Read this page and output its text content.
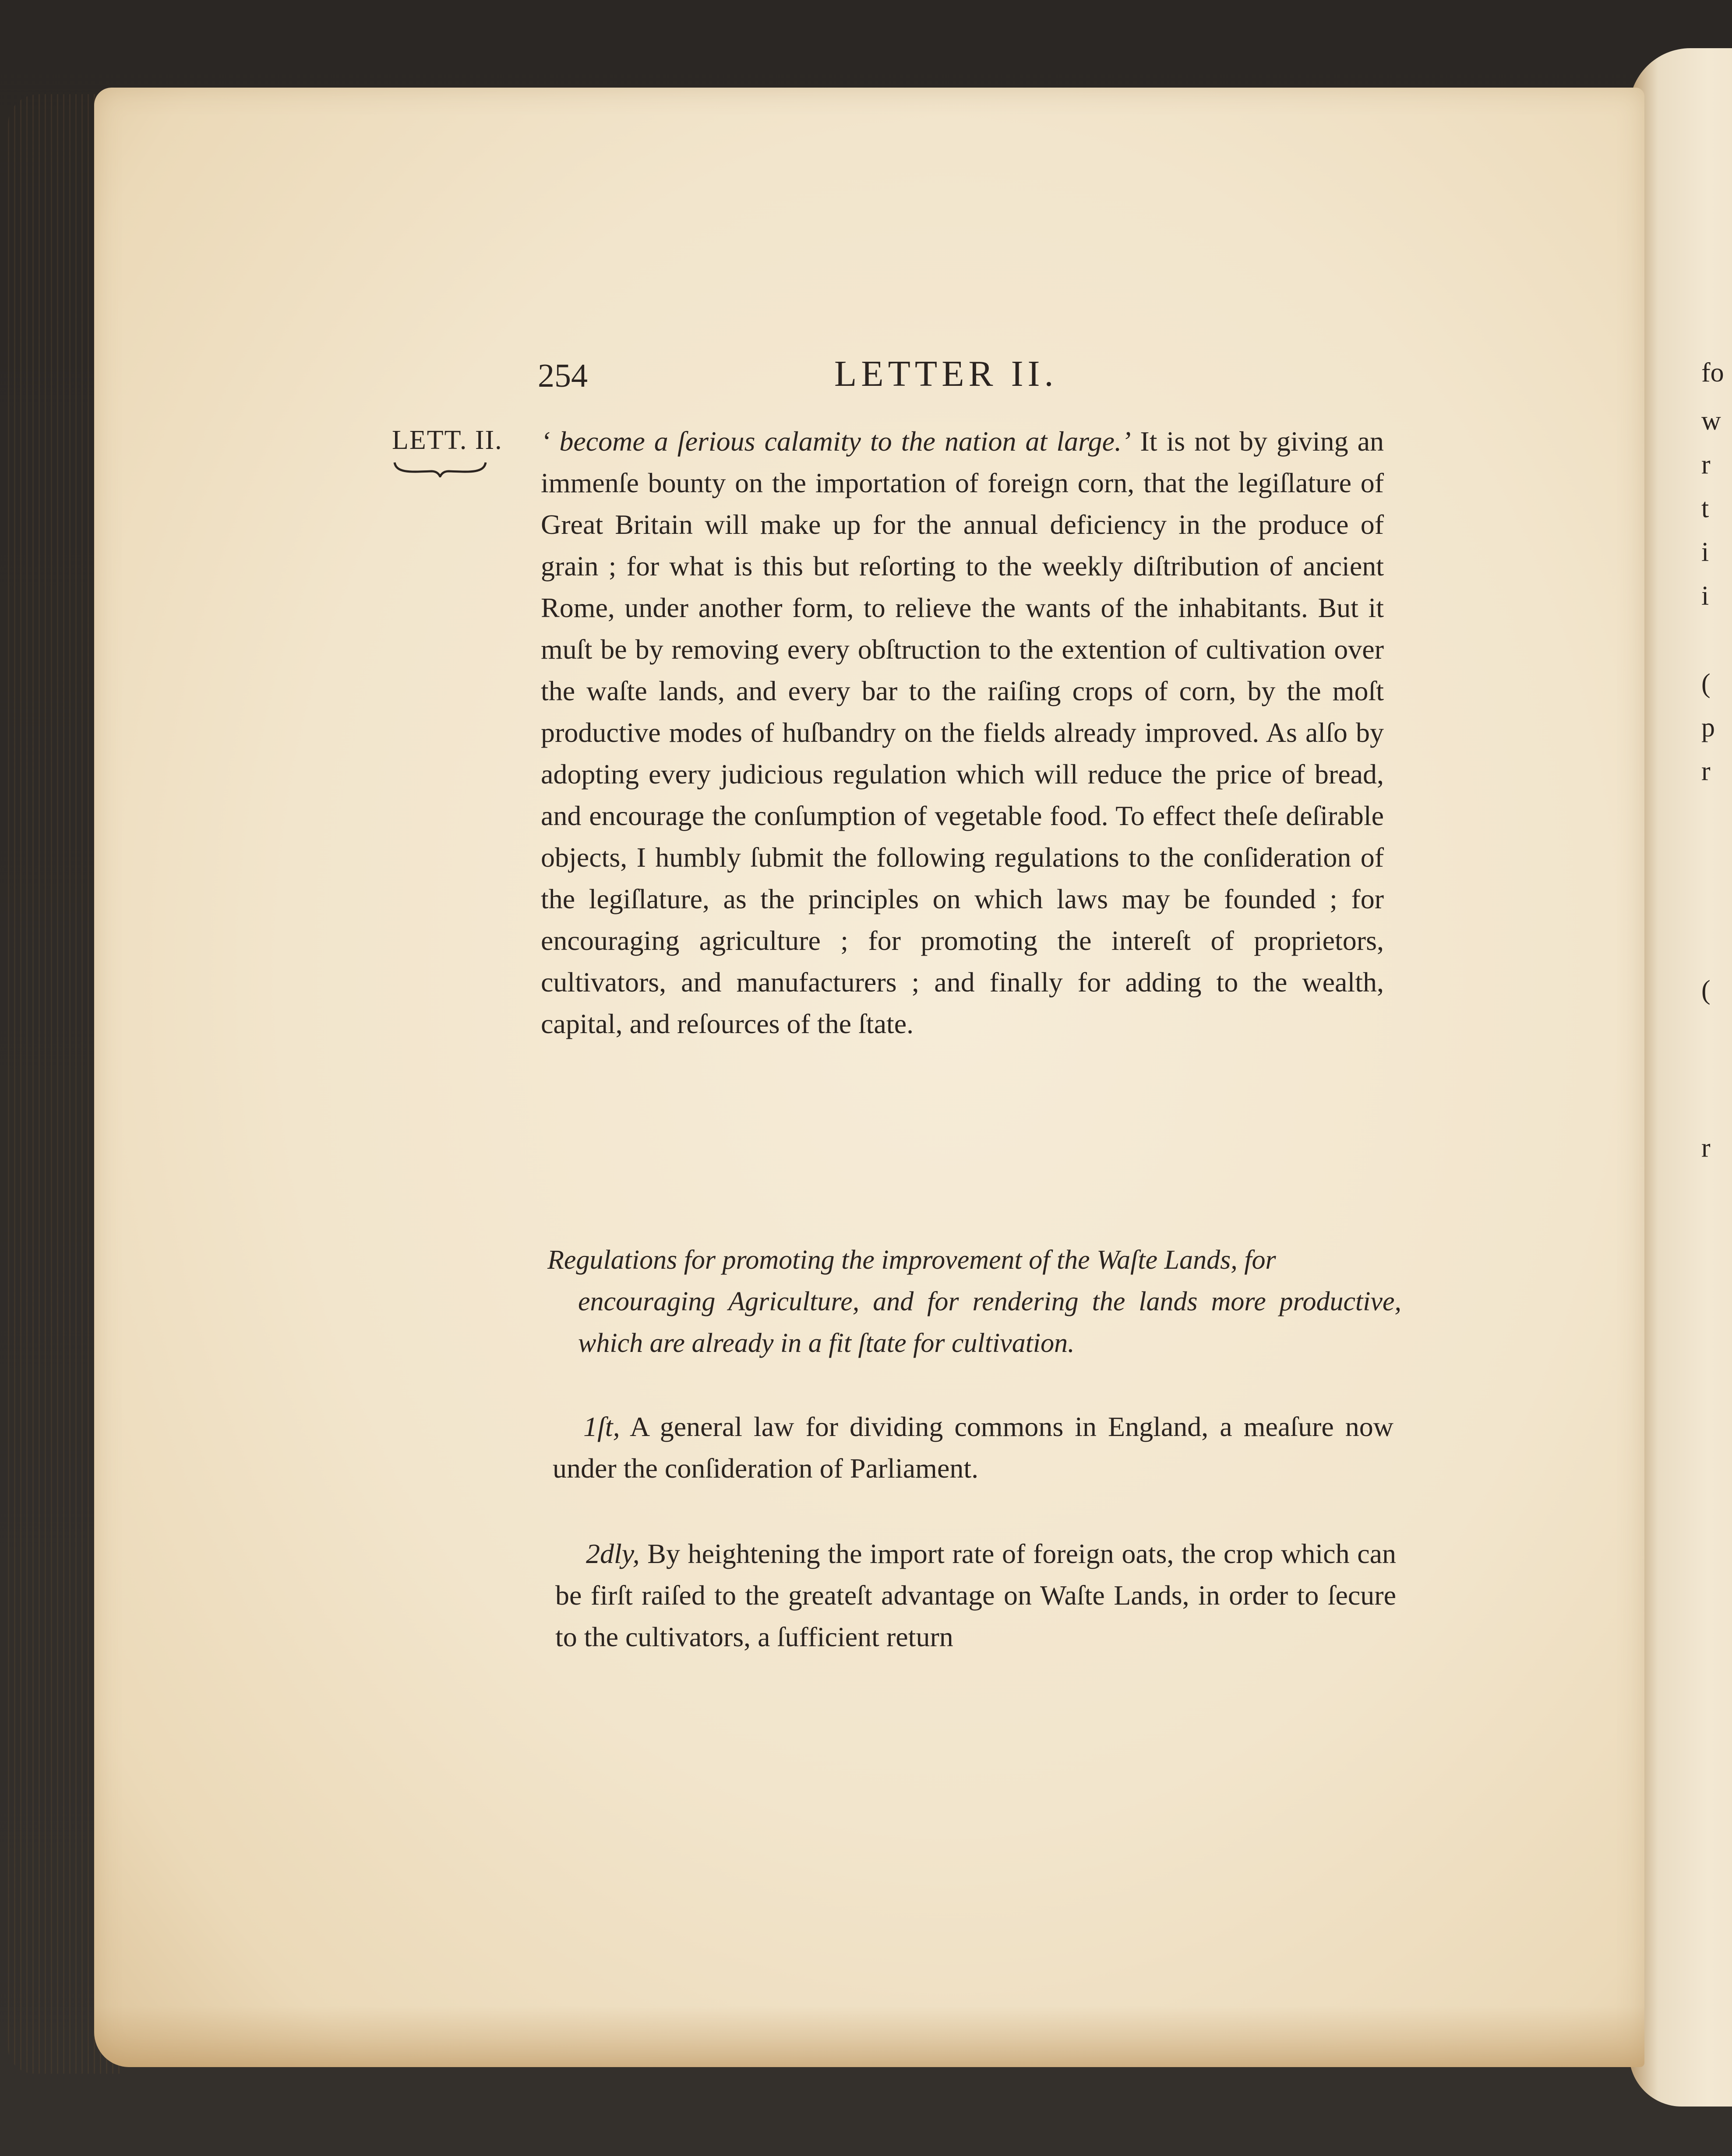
fo
w
r
t
i
i
(
p
r
(
r
254	LETTER II.
LETT. II. ‘ become a ſerious calamity to the nation at large.’ It is not by giving an immenſe bounty on the importation of foreign corn, that the legiſlature of Great Britain will make up for the annual deficiency in the produce of grain ; for what is this but reſorting to the weekly diſtribution of ancient Rome, under another form, to relieve the wants of the inhabitants. But it muſt be by removing every obſtruction to the extention of cultivation over the waſte lands, and every bar to the raiſing crops of corn, by the moſt productive modes of huſbandry on the fields already improved. As alſo by adopting every judicious regulation which will reduce the price of bread, and encourage the conſumption of vegetable food. To effect theſe deſirable objects, I humbly ſubmit the following regulations to the conſideration of the legiſlature, as the principles on which laws may be founded ; for encouraging agriculture ; for promoting the intereſt of proprietors, cultivators, and manufacturers ; and finally for adding to the wealth, capital, and reſources of the ſtate.

Regulations for promoting the improvement of the Waſte Lands, for
encouraging Agriculture, and for rendering the lands more productive, which are already in a fit ſtate for cultivation.
1ſt, A general law for dividing commons in England, a meaſure now under the conſideration of Parliament.
2dly, By heightening the import rate of foreign oats, the crop which can be firſt raiſed to the greateſt advantage on Waſte Lands, in order to ſecure to the cultivators, a ſufficient return
